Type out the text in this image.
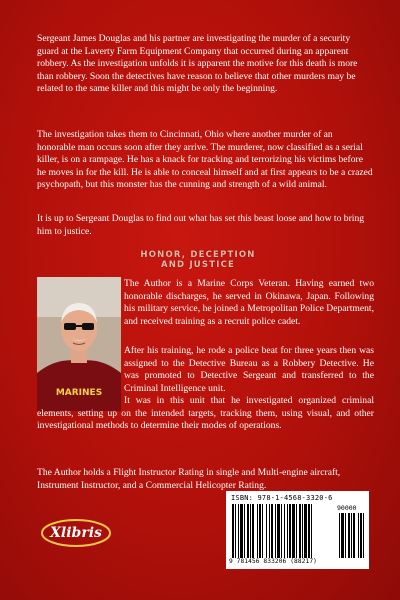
Sergeant James Douglas and his partner are investigating the murder of a security guard at the Laverty Farm Equipment Company that occurred during an apparent robbery. As the investigation unfolds it is apparent the motive for this death is more than robbery. Soon the detectives have reason to believe that other murders may be related to the same killer and this might be only the beginning.

The investigation takes them to Cincinnati, Ohio where another murder of an honorable man occurs soon after they arrive. The murderer, now classified as a serial killer, is on a rampage. He has a knack for tracking and terrorizing his victims before he moves in for the kill. He is able to conceal himself and at first appears to be a crazed psychopath, but this monster has the cunning and strength of a wild animal.

It is up to Sergeant Douglas to find out what has set this beast loose and how to bring him to justice.

HONOR, DECEPTION
AND JUSTICE
MARINES

The Author is a Marine Corps Veteran. Having earned two honorable discharges, he served in Okinawa, Japan. Following his military service, he joined a Metropolitan Police Department, and received training as a recruit police cadet.

After his training, he rode a police beat for three years then was assigned to the Detective Bureau as a Robbery Detective. He was promoted to Detective Sergeant and transferred to the Criminal Intelligence unit.

It was in this unit that he investigated organized criminal elements, setting up on the intended targets, tracking them, using visual, and other investigational methods to determine their modes of operations.

The Author holds a Flight Instructor Rating in single and Multi-engine aircraft, Instrument Instructor, and a Commercial Helicopter Rating.

Xlibris
ISBN: 978-1-4568-3320-6
90000
9 781456 833206 (88217)
